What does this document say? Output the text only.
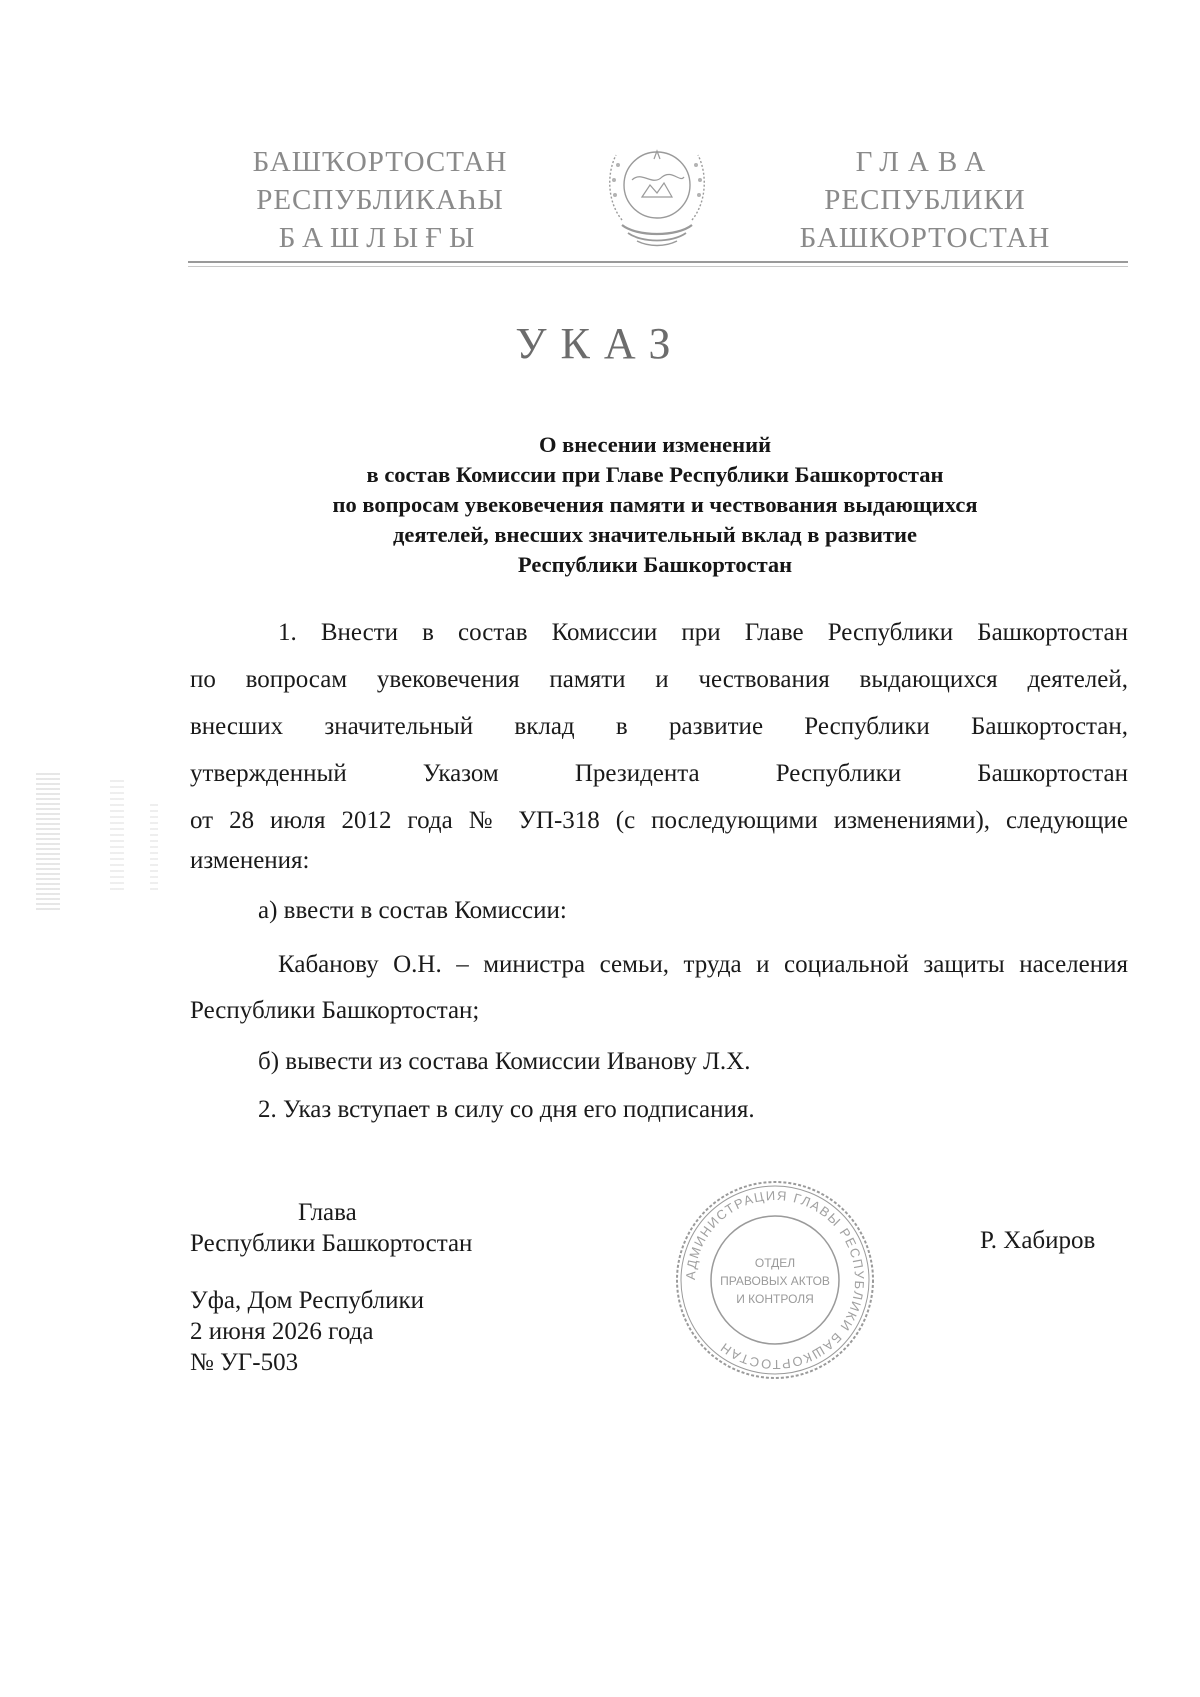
БАШҠОРТОСТАН
РЕСПУБЛИКАҺЫ
БАШЛЫҒЫ
ГЛАВА
РЕСПУБЛИКИ
БАШКОРТОСТАН
УКАЗ
О внесении изменений
в состав Комиссии при Главе Республики Башкортостан
по вопросам увековечения памяти и чествования выдающихся
деятелей, внесших значительный вклад в развитие
Республики Башкортостан
1. Внести в состав Комиссии при Главе Республики Башкортостан
по вопросам увековечения памяти и чествования выдающихся деятелей,
внесших значительный вклад в развитие Республики Башкортостан,
утвержденный Указом Президента Республики Башкортостан
от 28 июля 2012 года № УП-318 (с последующими изменениями), следующие
изменения:
а) ввести в состав Комиссии:
Кабанову О.Н. – министра семьи, труда и социальной защиты населения
Республики Башкортостан;
б) вывести из состава Комиссии Иванову Л.Х.
2. Указ вступает в силу со дня его подписания.
Глава
Республики Башкортостан
АДМИНИСТРАЦИЯ ГЛАВЫ РЕСПУБЛИКИ БАШКОРТОСТАН
ОТДЕЛ
ПРАВОВЫХ АКТОВ
И КОНТРОЛЯ
Р. Хабиров
Уфа, Дом Республики
2 июня 2026 года
№ УГ-503
